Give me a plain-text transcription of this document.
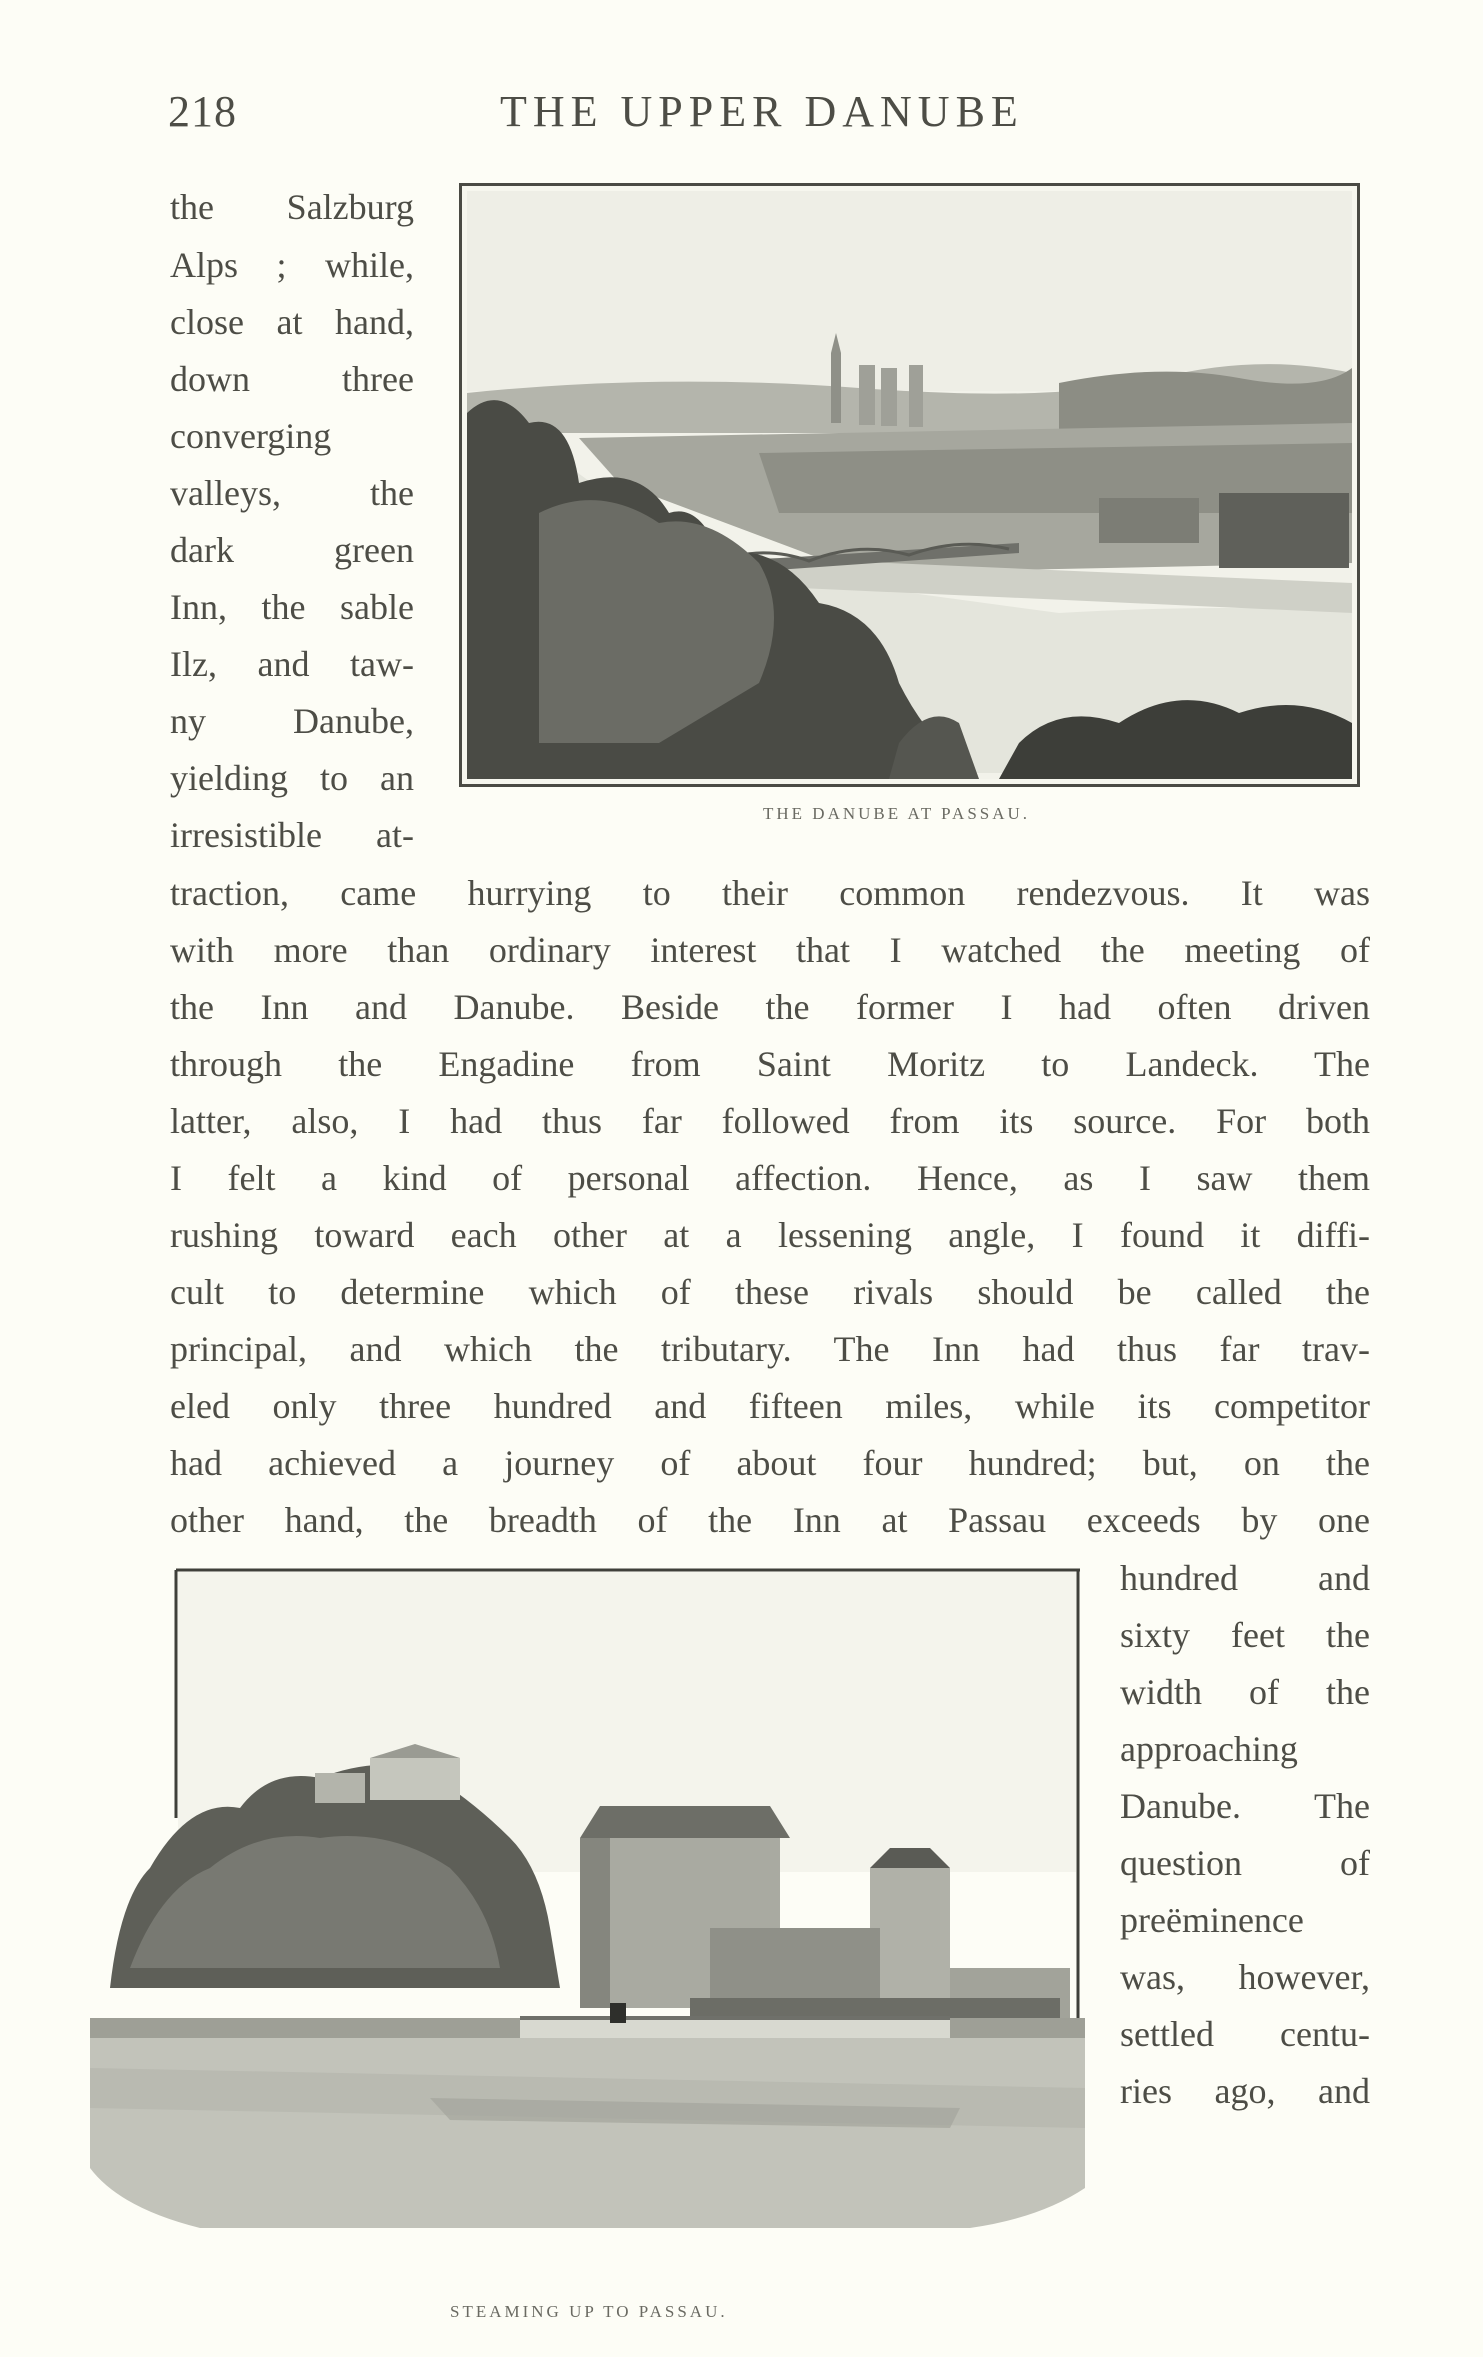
218	THE UPPER DANUBE
the Salzburg
Alps ; while,
close at hand,
down three
converging
valleys, the
dark green
Inn, the sable
Ilz, and taw-
ny Danube,
yielding to an
irresistible at-
THE DANUBE AT PASSAU.
traction, came hurrying to their common rendezvous. It was
with more than ordinary interest that I watched the meeting of
the Inn and Danube. Beside the former I had often driven
through the Engadine from Saint Moritz to Landeck. The
latter, also, I had thus far followed from its source. For both
I felt a kind of personal affection. Hence, as I saw them
rushing toward each other at a lessening angle, I found it diffi-
cult to determine which of these rivals should be called the
principal, and which the tributary. The Inn had thus far trav-
eled only three hundred and fifteen miles, while its competitor
had achieved a journey of about four hundred; but, on the
other hand, the breadth of the Inn at Passau exceeds by one
hundred and
sixty feet the
width of the
approaching
Danube. The
question of
preëminence
was, however,
settled centu-
ries ago, and
STEAMING UP TO PASSAU.
